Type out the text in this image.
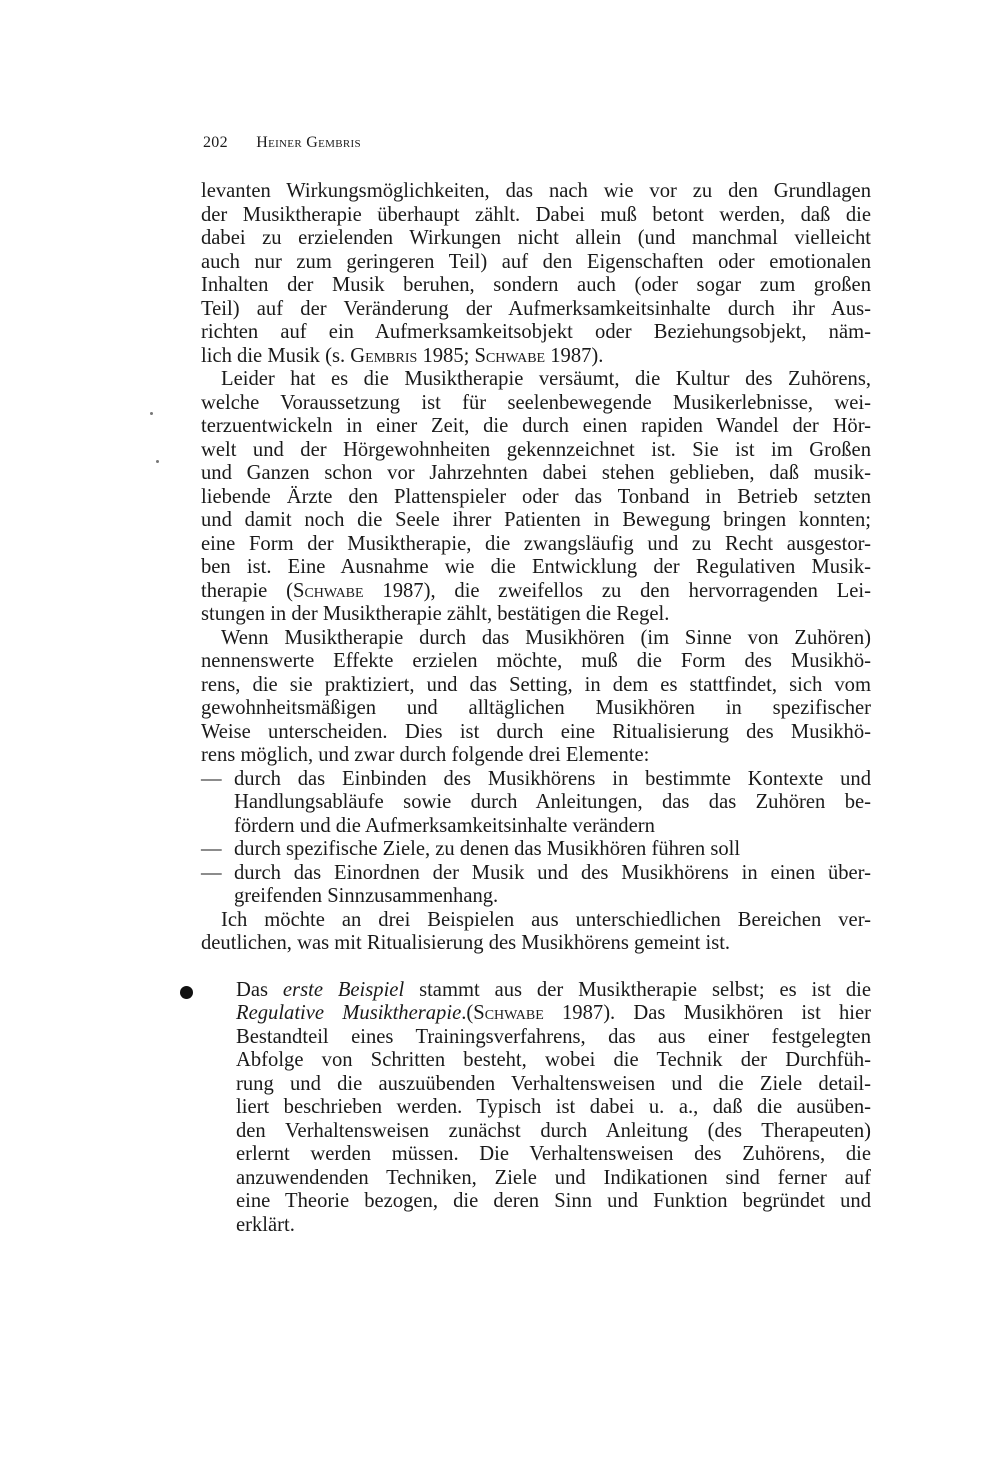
202 Heiner Gembris
levanten Wirkungsmöglichkeiten, das nach wie vor zu den Grundlagen
der Musiktherapie überhaupt zählt. Dabei muß betont werden, daß die
dabei zu erzielenden Wirkungen nicht allein (und manchmal vielleicht
auch nur zum geringeren Teil) auf den Eigenschaften oder emotionalen
Inhalten der Musik beruhen, sondern auch (oder sogar zum großen
Teil) auf der Veränderung der Aufmerksamkeitsinhalte durch ihr Aus-
richten auf ein Aufmerksamkeitsobjekt oder Beziehungsobjekt, näm-
lich die Musik (s. Gembris 1985; Schwabe 1987).
Leider hat es die Musiktherapie versäumt, die Kultur des Zuhörens,
welche Voraussetzung ist für seelenbewegende Musikerlebnisse, wei-
terzuentwickeln in einer Zeit, die durch einen rapiden Wandel der Hör-
welt und der Hörgewohnheiten gekennzeichnet ist. Sie ist im Großen
und Ganzen schon vor Jahrzehnten dabei stehen geblieben, daß musik-
liebende Ärzte den Plattenspieler oder das Tonband in Betrieb setzten
und damit noch die Seele ihrer Patienten in Bewegung bringen konnten;
eine Form der Musiktherapie, die zwangsläufig und zu Recht ausgestor-
ben ist. Eine Ausnahme wie die Entwicklung der Regulativen Musik-
therapie (Schwabe 1987), die zweifellos zu den hervorragenden Lei-
stungen in der Musiktherapie zählt, bestätigen die Regel.
Wenn Musiktherapie durch das Musikhören (im Sinne von Zuhören)
nennenswerte Effekte erzielen möchte, muß die Form des Musikhö-
rens, die sie praktiziert, und das Setting, in dem es stattfindet, sich vom
gewohnheitsmäßigen und alltäglichen Musikhören in spezifischer
Weise unterscheiden. Dies ist durch eine Ritualisierung des Musikhö-
rens möglich, und zwar durch folgende drei Elemente:
— durch das Einbinden des Musikhörens in bestimmte Kontexte und
Handlungsabläufe sowie durch Anleitungen, das das Zuhören be-
fördern und die Aufmerksamkeitsinhalte verändern
— durch spezifische Ziele, zu denen das Musikhören führen soll
— durch das Einordnen der Musik und des Musikhörens in einen über-
greifenden Sinnzusammenhang.
Ich möchte an drei Beispielen aus unterschiedlichen Bereichen ver-
deutlichen, was mit Ritualisierung des Musikhörens gemeint ist.
Das erste Beispiel stammt aus der Musiktherapie selbst; es ist die
Regulative Musiktherapie.(Schwabe 1987). Das Musikhören ist hier
Bestandteil eines Trainingsverfahrens, das aus einer festgelegten
Abfolge von Schritten besteht, wobei die Technik der Durchfüh-
rung und die auszuübenden Verhaltensweisen und die Ziele detail-
liert beschrieben werden. Typisch ist dabei u. a., daß die ausüben-
den Verhaltensweisen zunächst durch Anleitung (des Therapeuten)
erlernt werden müssen. Die Verhaltensweisen des Zuhörens, die
anzuwendenden Techniken, Ziele und Indikationen sind ferner auf
eine Theorie bezogen, die deren Sinn und Funktion begründet und
erklärt.
